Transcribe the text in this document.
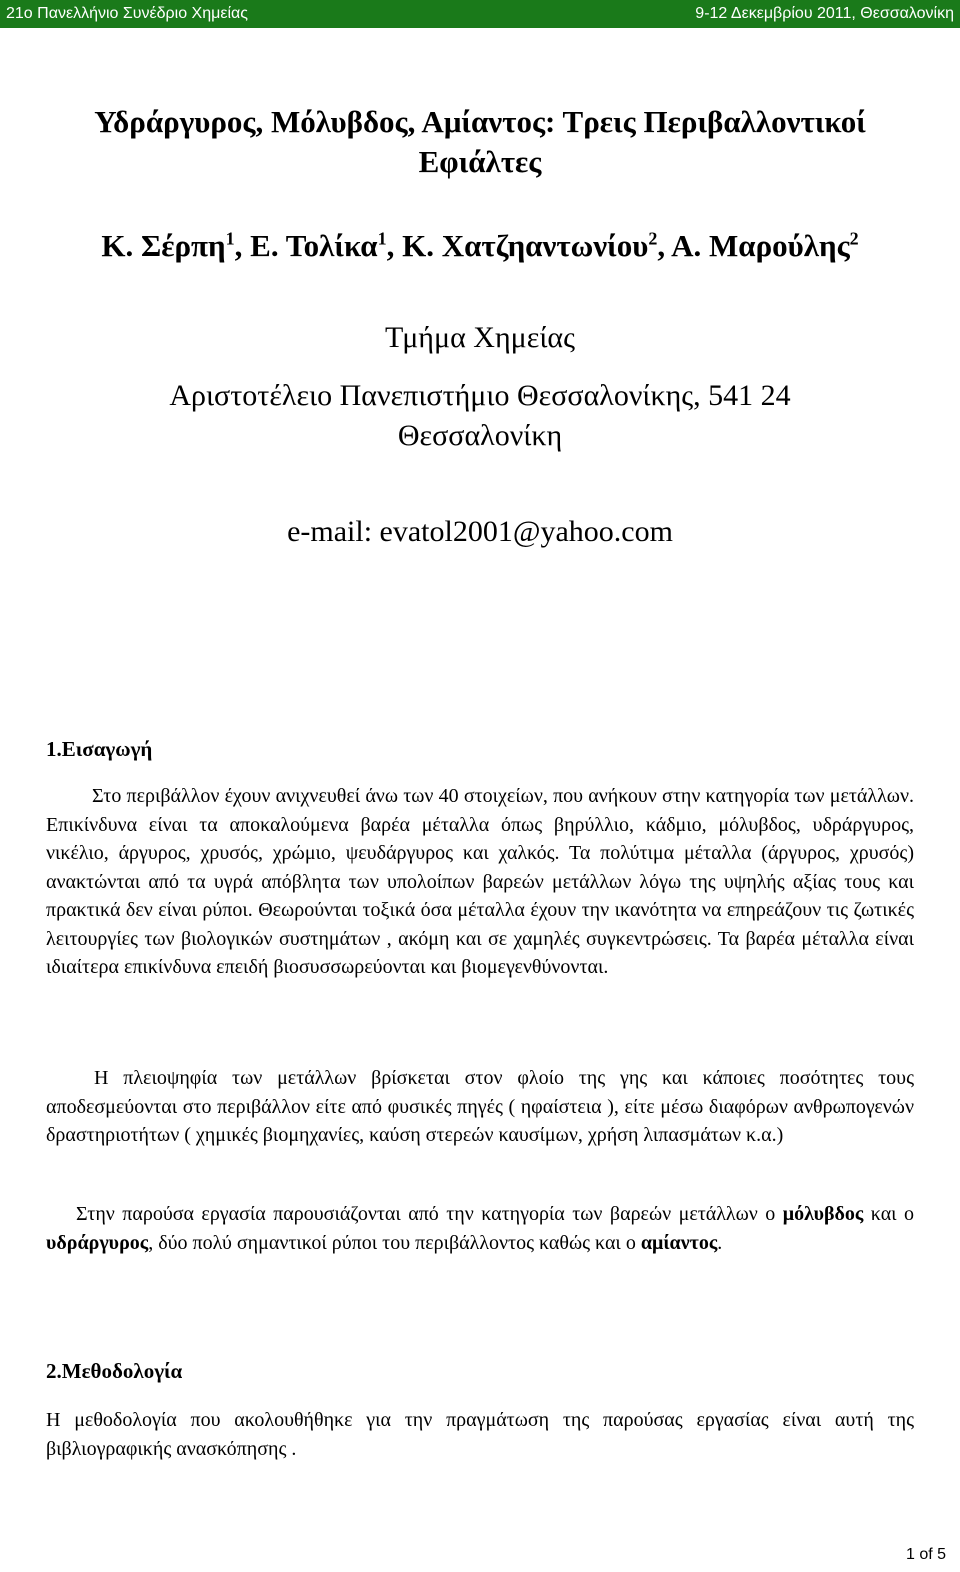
21ο Πανελλήνιο Συνέδριο Χημείας	9-12 Δεκεμβρίου 2011, Θεσσαλονίκη
Υδράργυρος, Μόλυβδος, Αμίαντος: Τρεις Περιβαλλοντικοί
Εφιάλτες
Κ. Σέρπη$^1$, Ε. Τολίκα$^1$, Κ. Χατζηαντωνίου$^2$, Α. Μαρούλης$^2$
Τμήμα Χημείας
Αριστοτέλειο Πανεπιστήμιο Θεσσαλονίκης, 541 24
Θεσσαλονίκη
e-mail: evatol2001@yahoo.com
1.Εισαγωγή
Στο περιβάλλον έχουν ανιχνευθεί άνω των 40 στοιχείων, που ανήκουν στην κατηγορία των μετάλλων. Επικίνδυνα είναι τα αποκαλούμενα βαρέα μέταλλα όπως βηρύλλιο, κάδμιο, μόλυβδος, υδράργυρος, νικέλιο, άργυρος, χρυσός, χρώμιο, ψευδάργυρος και χαλκός. Τα πολύτιμα μέταλλα (άργυρος, χρυσός) ανακτώνται από τα υγρά απόβλητα των υπολοίπων βαρεών μετάλλων λόγω της υψηλής αξίας τους και πρακτικά δεν είναι ρύποι. Θεωρούνται τοξικά όσα μέταλλα έχουν την ικανότητα να επηρεάζουν τις ζωτικές λειτουργίες των βιολογικών συστημάτων , ακόμη και σε χαμηλές συγκεντρώσεις. Τα βαρέα μέταλλα είναι ιδιαίτερα επικίνδυνα επειδή βιοσυσσωρεύονται και βιομεγενθύνονται.
Η πλειοψηφία των μετάλλων βρίσκεται στον φλοίο της γης και κάποιες ποσότητες τους αποδεσμεύονται στο περιβάλλον είτε από φυσικές πηγές ( ηφαίστεια ), είτε μέσω διαφόρων ανθρωπογενών δραστηριοτήτων ( χημικές βιομηχανίες, καύση στερεών καυσίμων, χρήση λιπασμάτων κ.α.)
Στην παρούσα εργασία παρουσιάζονται από την κατηγορία των βαρεών μετάλλων ο μόλυβδος και ο υδράργυρος, δύο πολύ σημαντικοί ρύποι του περιβάλλοντος καθώς και ο αμίαντος.
2.Μεθοδολογία
Η μεθοδολογία που ακολουθήθηκε για την πραγμάτωση της παρούσας εργασίας είναι αυτή της βιβλιογραφικής ανασκόπησης .
1 of 5
